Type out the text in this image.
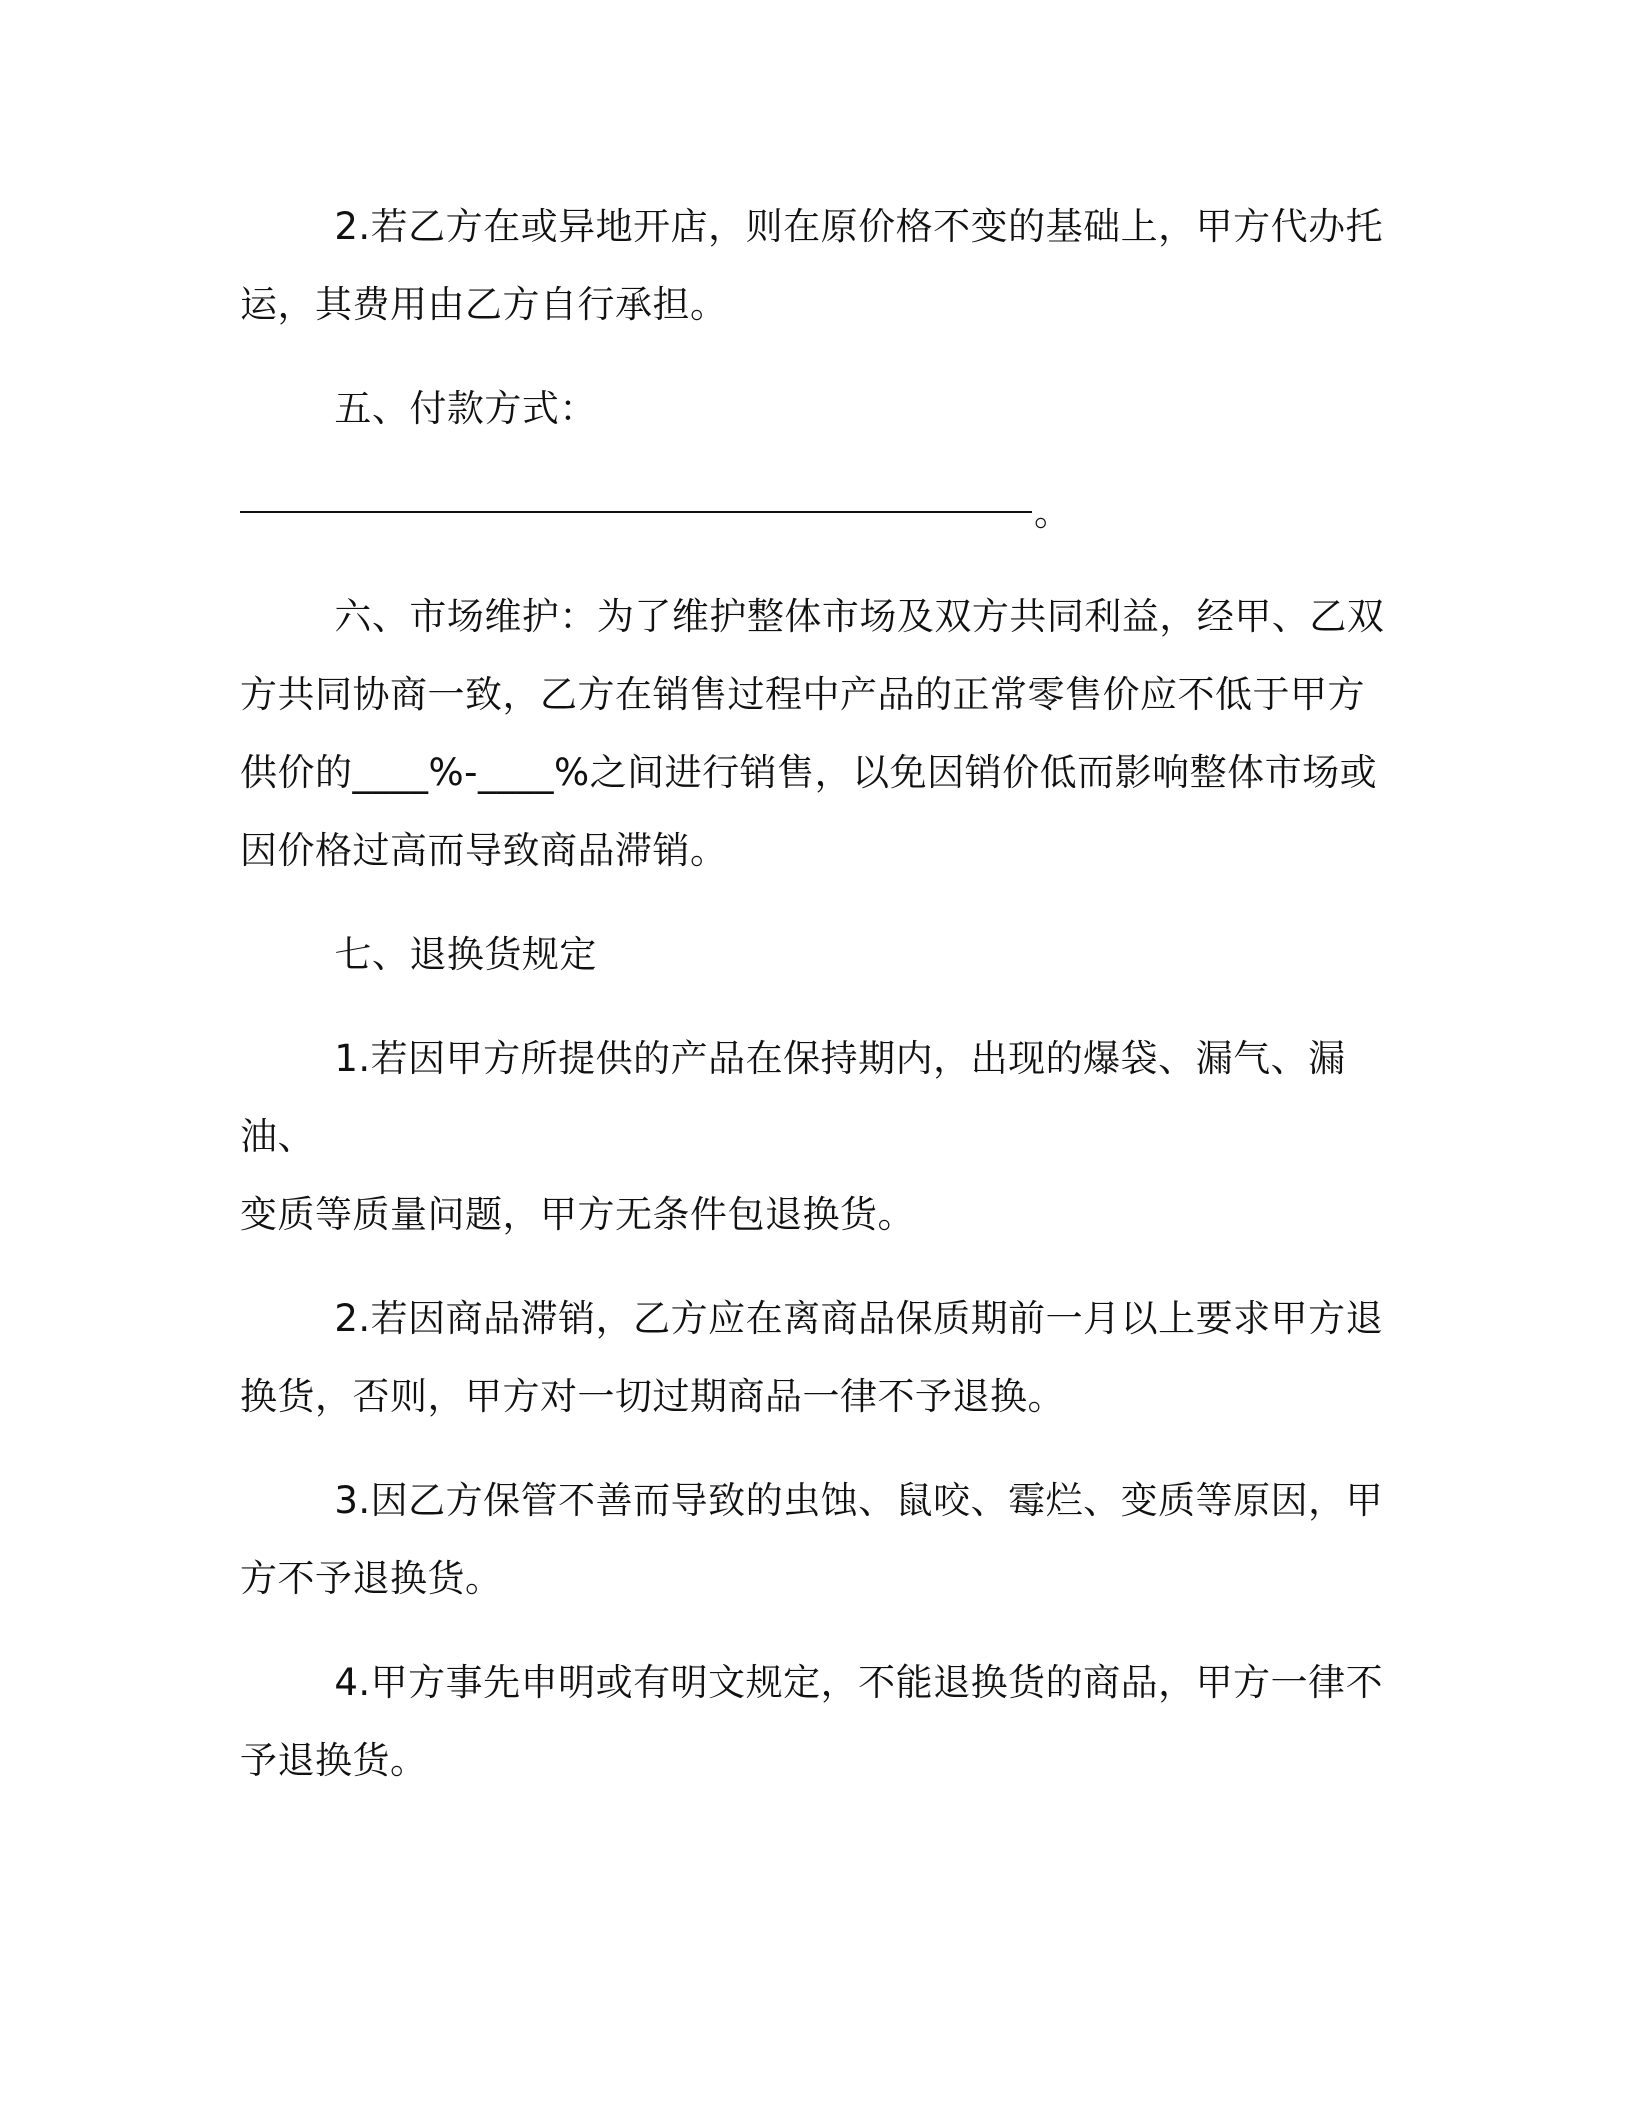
2.若乙方在或异地开店，则在原价格不变的基础上，甲方代办托
运，其费用由乙方自行承担。

五、付款方式：

。

六、市场维护：为了维护整体市场及双方共同利益，经甲、乙双
方共同协商一致，乙方在销售过程中产品的正常零售价应不低于甲方
供价的____%-____%之间进行销售，以免因销价低而影响整体市场或
因价格过高而导致商品滞销。

七、退换货规定

1.若因甲方所提供的产品在保持期内，出现的爆袋、漏气、漏油、
变质等质量问题，甲方无条件包退换货。

2.若因商品滞销，乙方应在离商品保质期前一月以上要求甲方退
换货，否则，甲方对一切过期商品一律不予退换。

3.因乙方保管不善而导致的虫蚀、鼠咬、霉烂、变质等原因，甲
方不予退换货。

4.甲方事先申明或有明文规定，不能退换货的商品，甲方一律不
予退换货。
